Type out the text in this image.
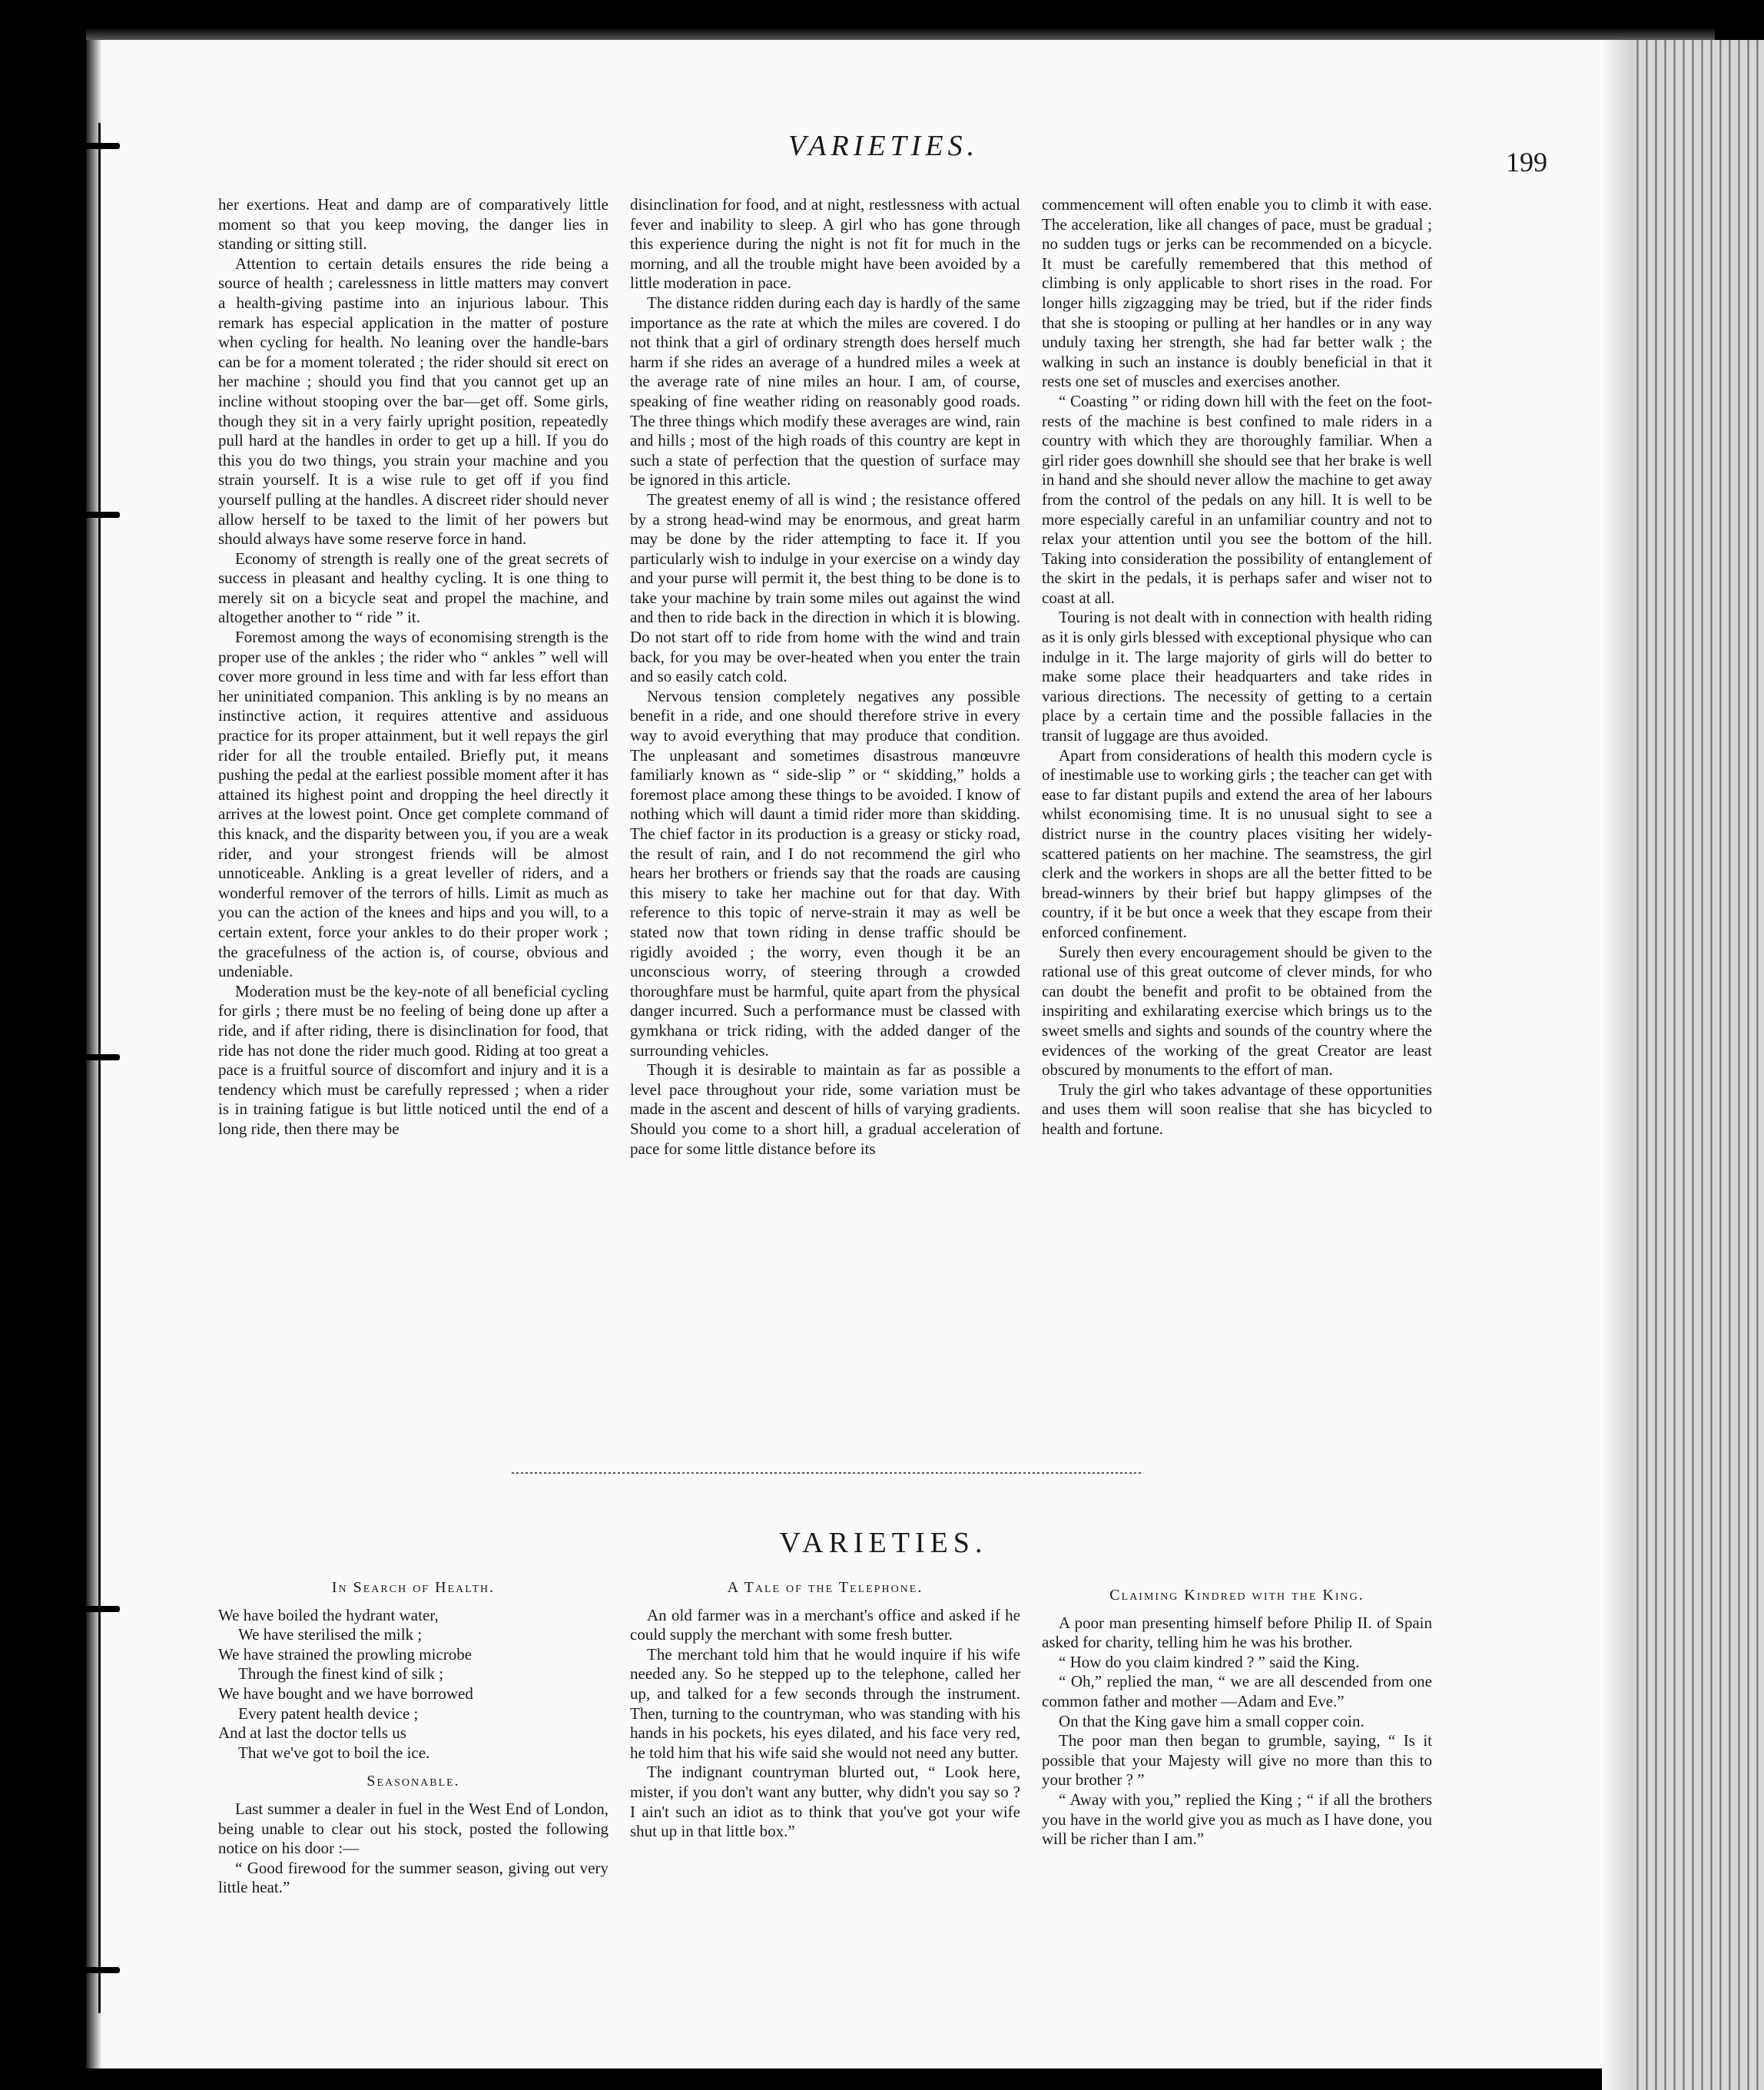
VARIETIES.	199

her exertions. Heat and damp are of comparatively little moment so that you keep moving, the danger lies in standing or sitting still.

Attention to certain details ensures the ride being a source of health ; carelessness in little matters may convert a health-giving pastime into an injurious labour. This remark has especial application in the matter of posture when cycling for health. No leaning over the handle-bars can be for a moment tolerated ; the rider should sit erect on her machine ; should you find that you cannot get up an incline without stooping over the bar—get off. Some girls, though they sit in a very fairly upright position, repeatedly pull hard at the handles in order to get up a hill. If you do this you do two things, you strain your machine and you strain yourself. It is a wise rule to get off if you find yourself pulling at the handles. A discreet rider should never allow herself to be taxed to the limit of her powers but should always have some reserve force in hand.

Economy of strength is really one of the great secrets of success in pleasant and healthy cycling. It is one thing to merely sit on a bicycle seat and propel the machine, and altogether another to “ ride ” it.

Foremost among the ways of economising strength is the proper use of the ankles ; the rider who “ ankles ” well will cover more ground in less time and with far less effort than her uninitiated companion. This ankling is by no means an instinctive action, it requires attentive and assiduous practice for its proper attainment, but it well repays the girl rider for all the trouble entailed. Briefly put, it means pushing the pedal at the earliest possible moment after it has attained its highest point and dropping the heel directly it arrives at the lowest point. Once get complete command of this knack, and the disparity between you, if you are a weak rider, and your strongest friends will be almost unnoticeable. Ankling is a great leveller of riders, and a wonderful remover of the terrors of hills. Limit as much as you can the action of the knees and hips and you will, to a certain extent, force your ankles to do their proper work ; the gracefulness of the action is, of course, obvious and undeniable.

Moderation must be the key-note of all beneficial cycling for girls ; there must be no feeling of being done up after a ride, and if after riding, there is disinclination for food, that ride has not done the rider much good. Riding at too great a pace is a fruitful source of discomfort and injury and it is a tendency which must be carefully repressed ; when a rider is in training fatigue is but little noticed until the end of a long ride, then there may be

disinclination for food, and at night, restlessness with actual fever and inability to sleep. A girl who has gone through this experience during the night is not fit for much in the morning, and all the trouble might have been avoided by a little moderation in pace.

The distance ridden during each day is hardly of the same importance as the rate at which the miles are covered. I do not think that a girl of ordinary strength does herself much harm if she rides an average of a hundred miles a week at the average rate of nine miles an hour. I am, of course, speaking of fine weather riding on reasonably good roads. The three things which modify these averages are wind, rain and hills ; most of the high roads of this country are kept in such a state of perfection that the question of surface may be ignored in this article.

The greatest enemy of all is wind ; the resistance offered by a strong head-wind may be enormous, and great harm may be done by the rider attempting to face it. If you particularly wish to indulge in your exercise on a windy day and your purse will permit it, the best thing to be done is to take your machine by train some miles out against the wind and then to ride back in the direction in which it is blowing. Do not start off to ride from home with the wind and train back, for you may be over-heated when you enter the train and so easily catch cold.

Nervous tension completely negatives any possible benefit in a ride, and one should therefore strive in every way to avoid everything that may produce that condition. The unpleasant and sometimes disastrous manœuvre familiarly known as “ side-slip ” or “ skidding,” holds a foremost place among these things to be avoided. I know of nothing which will daunt a timid rider more than skidding. The chief factor in its production is a greasy or sticky road, the result of rain, and I do not recommend the girl who hears her brothers or friends say that the roads are causing this misery to take her machine out for that day. With reference to this topic of nerve-strain it may as well be stated now that town riding in dense traffic should be rigidly avoided ; the worry, even though it be an unconscious worry, of steering through a crowded thoroughfare must be harmful, quite apart from the physical danger incurred. Such a performance must be classed with gymkhana or trick riding, with the added danger of the surrounding vehicles.

Though it is desirable to maintain as far as possible a level pace throughout your ride, some variation must be made in the ascent and descent of hills of varying gradients. Should you come to a short hill, a gradual acceleration of pace for some little distance before its

commencement will often enable you to climb it with ease. The acceleration, like all changes of pace, must be gradual ; no sudden tugs or jerks can be recommended on a bicycle. It must be carefully remembered that this method of climbing is only applicable to short rises in the road. For longer hills zigzagging may be tried, but if the rider finds that she is stooping or pulling at her handles or in any way unduly taxing her strength, she had far better walk ; the walking in such an instance is doubly beneficial in that it rests one set of muscles and exercises another.

“ Coasting ” or riding down hill with the feet on the foot-rests of the machine is best confined to male riders in a country with which they are thoroughly familiar. When a girl rider goes downhill she should see that her brake is well in hand and she should never allow the machine to get away from the control of the pedals on any hill. It is well to be more especially careful in an unfamiliar country and not to relax your attention until you see the bottom of the hill. Taking into consideration the possibility of entanglement of the skirt in the pedals, it is perhaps safer and wiser not to coast at all.

Touring is not dealt with in connection with health riding as it is only girls blessed with exceptional physique who can indulge in it. The large majority of girls will do better to make some place their headquarters and take rides in various directions. The necessity of getting to a certain place by a certain time and the possible fallacies in the transit of luggage are thus avoided.

Apart from considerations of health this modern cycle is of inestimable use to working girls ; the teacher can get with ease to far distant pupils and extend the area of her labours whilst economising time. It is no unusual sight to see a district nurse in the country places visiting her widely-scattered patients on her machine. The seamstress, the girl clerk and the workers in shops are all the better fitted to be bread-winners by their brief but happy glimpses of the country, if it be but once a week that they escape from their enforced confinement.

Surely then every encouragement should be given to the rational use of this great outcome of clever minds, for who can doubt the benefit and profit to be obtained from the inspiriting and exhilarating exercise which brings us to the sweet smells and sights and sounds of the country where the evidences of the working of the great Creator are least obscured by monuments to the effort of man.

Truly the girl who takes advantage of these opportunities and uses them will soon realise that she has bicycled to health and fortune.

VARIETIES.
In Search of Health.
We have boiled the hydrant water,
We have sterilised the milk ;
We have strained the prowling microbe
Through the finest kind of silk ;
We have bought and we have borrowed
Every patent health device ;
And at last the doctor tells us
That we've got to boil the ice.
Seasonable.

Last summer a dealer in fuel in the West End of London, being unable to clear out his stock, posted the following notice on his door :—

“ Good firewood for the summer season, giving out very little heat.”

A Tale of the Telephone.

An old farmer was in a merchant's office and asked if he could supply the merchant with some fresh butter.

The merchant told him that he would inquire if his wife needed any. So he stepped up to the telephone, called her up, and talked for a few seconds through the instrument. Then, turning to the countryman, who was standing with his hands in his pockets, his eyes dilated, and his face very red, he told him that his wife said she would not need any butter.

The indignant countryman blurted out, “ Look here, mister, if you don't want any butter, why didn't you say so ? I ain't such an idiot as to think that you've got your wife shut up in that little box.”

Claiming Kindred with the King.

A poor man presenting himself before Philip II. of Spain asked for charity, telling him he was his brother.

“ How do you claim kindred ? ” said the King.

“ Oh,” replied the man, “ we are all descended from one common father and mother —Adam and Eve.”

On that the King gave him a small copper coin.

The poor man then began to grumble, saying, “ Is it possible that your Majesty will give no more than this to your brother ? ”

“ Away with you,” replied the King ; “ if all the brothers you have in the world give you as much as I have done, you will be richer than I am.”
